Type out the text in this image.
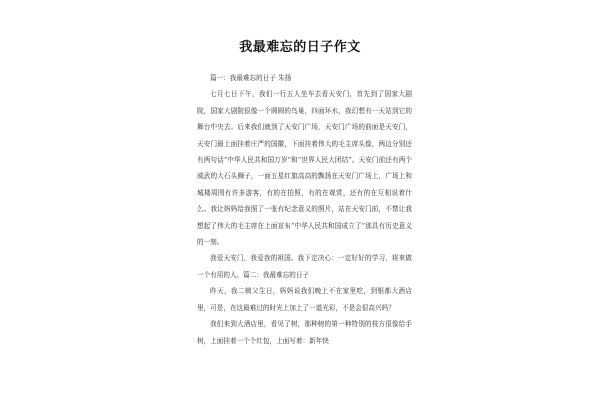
我最难忘的日子作文

篇一：我最难忘的日子 朱扬

七月七日下午，我们一行五人坐车去看天安门，首先到了国家大剧院，国家大剧院很像一个圆圆的鸟巢，四面环水，我幻想有一天站到它的舞台中央去。后来我们就到了天安门广场，天安门广场的前面是天安门，天安门最上面挂着庄严的国徽，下面挂着伟大的毛主席头像，两边分别还有两句话“中华人民共和国万岁”和“世界人民大团结”。天安门前还有两个威武的大石头狮子，一面五星红旗高高的飘扬在天安门广场上，广场上和城楼周围有许多游客，有的在拍照，有的在观赏，还有的在互相说着什么。我让妈妈给我照了一张有纪念意义的照片，站在天安门前，不禁让我想起了伟大的毛主席在上面宣布“中华人民共和国成立了”那具有历史意义的一刻。

我爱天安门，我爱我的祖国。我下定决心：一定好好的学习，将来做一个有用的人。篇二：我最难忘的日子

昨天，我二姨父生日，妈妈说我们晚上不在家里吃，到银都大酒店里，可是，在这最难过的时光上加上了一道光彩，不是会很高兴吗？

我们来到大酒店里，看见了树，那种树的第一种特别的枝方很像给手树，上面挂着一个个红包，上面写着：新年快
